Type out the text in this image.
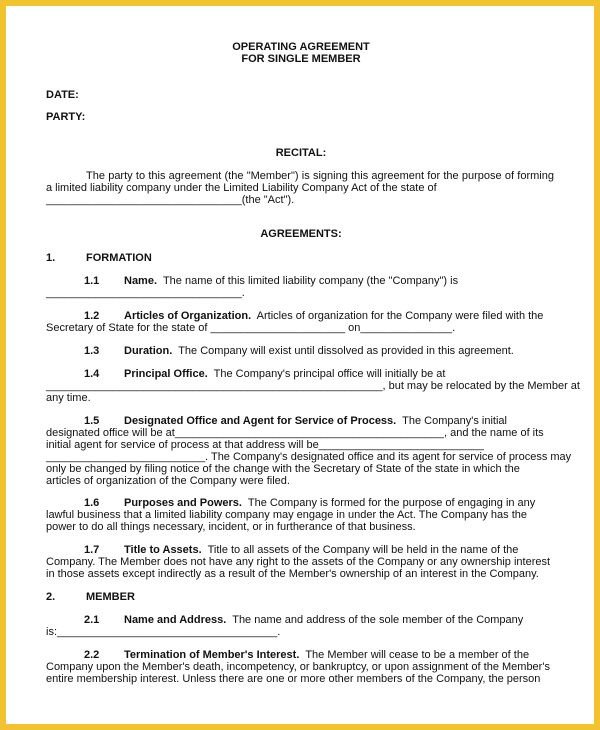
OPERATING AGREEMENT
FOR SINGLE MEMBER
DATE:
PARTY:
RECITAL:
The party to this agreement (the "Member") is signing this agreement for the purpose of forming
a limited liability company under the Limited Liability Company Act of the state of
________________________________(the "Act").
AGREEMENTS:
1.	FORMATION
1.1 Name. The name of this limited liability company (the "Company") is
________________________________.
1.2 Articles of Organization. Articles of organization for the Company were filed with the
Secretary of State for the state of ______________________ on_______________.
1.3 Duration. The Company will exist until dissolved as provided in this agreement.
1.4 Principal Office. The Company's principal office will initially be at
_______________________________________________________, but may be relocated by the Member at
any time.
1.5 Designated Office and Agent for Service of Process. The Company's initial
designated office will be at____________________________________________, and the name of its
initial agent for service of process at that address will be___________________________
__________________________. The Company's designated office and its agent for service of process may
only be changed by filing notice of the change with the Secretary of State of the state in which the
articles of organization of the Company were filed.
1.6 Purposes and Powers. The Company is formed for the purpose of engaging in any
lawful business that a limited liability company may engage in under the Act. The Company has the
power to do all things necessary, incident, or in furtherance of that business.
1.7 Title to Assets. Title to all assets of the Company will be held in the name of the
Company. The Member does not have any right to the assets of the Company or any ownership interest
in those assets except indirectly as a result of the Member's ownership of an interest in the Company.
2.	MEMBER
2.1 Name and Address. The name and address of the sole member of the Company
is:____________________________________.
2.2 Termination of Member's Interest. The Member will cease to be a member of the
Company upon the Member's death, incompetency, or bankruptcy, or upon assignment of the Member's
entire membership interest. Unless there are one or more other members of the Company, the person
